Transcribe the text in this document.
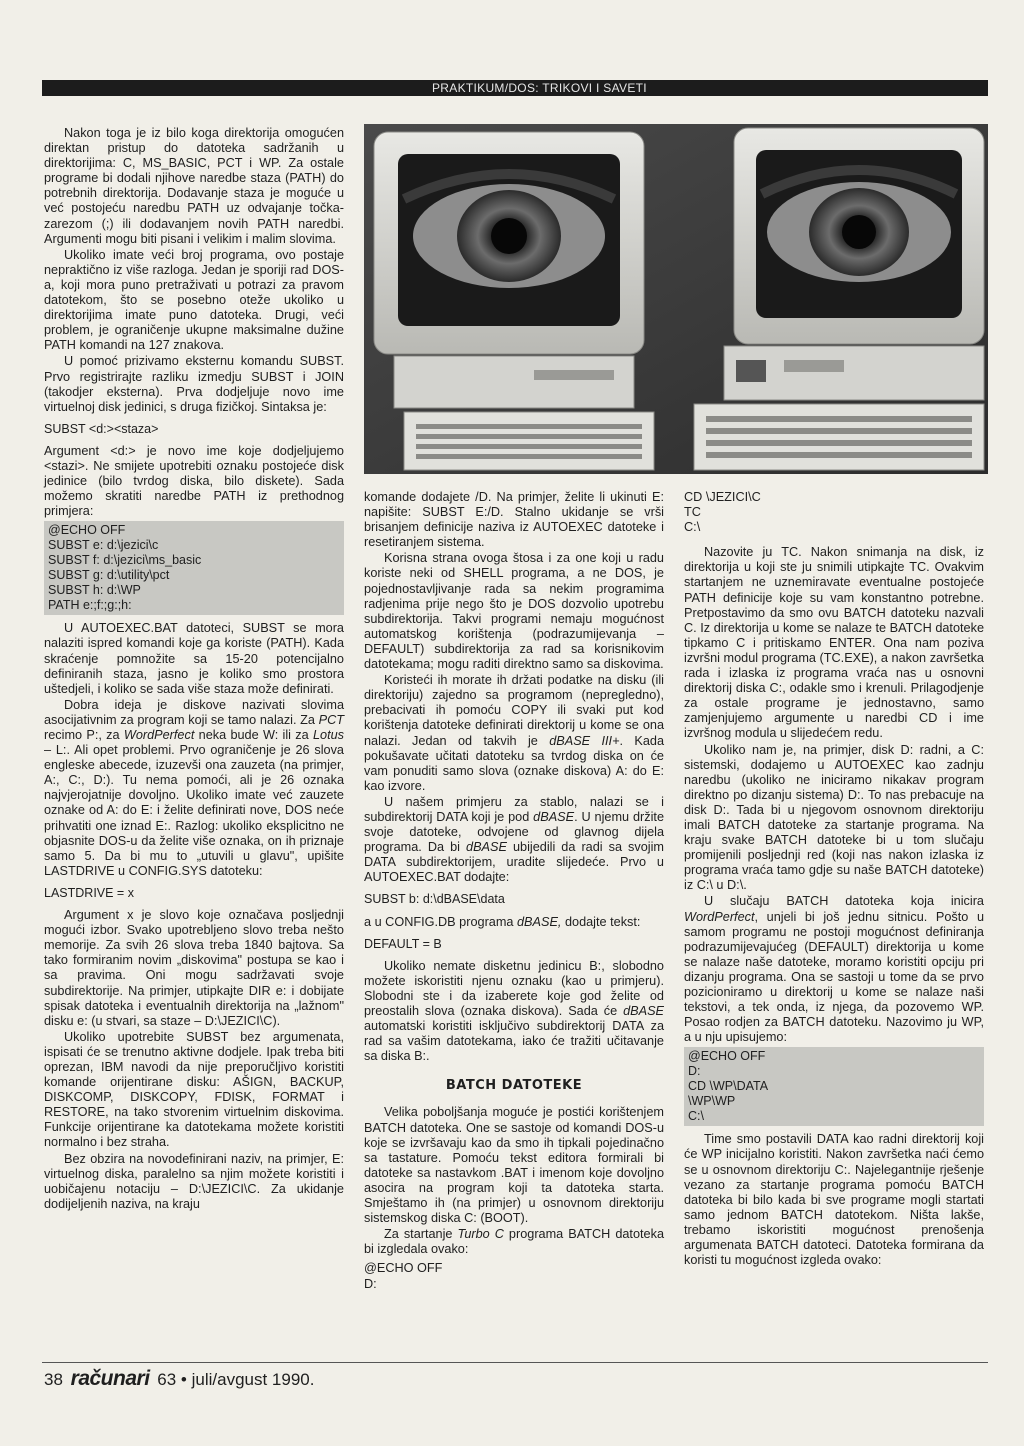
PRAKTIKUM/DOS: TRIKOVI I SAVETI

Nakon toga je iz bilo koga direktorija omogućen direktan pristup do datoteka sadržanih u direktorijima: C, MS_BASIC, PCT i WP. Za ostale programe bi dodali njihove naredbe staza (PATH) do potrebnih direktorija. Dodavanje staza je moguće u već postojeću naredbu PATH uz odvajanje točka-zarezom (;) ili dodavanjem novih PATH naredbi. Argumenti mogu biti pisani i velikim i malim slovima.

Ukoliko imate veći broj programa, ovo postaje nepraktično iz više razloga. Jedan je sporiji rad DOS-a, koji mora puno pretraživati u potrazi za pravom datotekom, što se posebno oteže ukoliko u direktorijima imate puno datoteka. Drugi, veći problem, je ograničenje ukupne maksimalne dužine PATH komandi na 127 znakova.

U pomoć prizivamo eksternu komandu SUBST. Prvo registrirajte razliku izmedju SUBST i JOIN (takodjer eksterna). Prva dodjeljuje novo ime virtuelnoj disk jedinici, s druga fizičkoj. Sintaksa je:

SUBST <d:><staza>

Argument <d:> je novo ime koje dodjeljujemo <stazi>. Ne smijete upotrebiti oznaku postojeće disk jedinice (bilo tvrdog diska, bilo diskete). Sada možemo skratiti naredbe PATH iz prethodnog primjera:

@ECHO OFF
SUBST e: d:\jezici\c
SUBST f: d:\jezici\ms_basic
SUBST g: d:\utility\pct
SUBST h: d:\WP
PATH e:;f:;g:;h:

U AUTOEXEC.BAT datoteci, SUBST se mora nalaziti ispred komandi koje ga koriste (PATH). Kada skraćenje pomnožite sa 15-20 potencijalno definiranih staza, jasno je koliko smo prostora uštedjeli, i koliko se sada više staza može definirati.

Dobra ideja je diskove nazivati slovima asocijativnim za program koji se tamo nalazi. Za PCT recimo P:, za WordPerfect neka bude W: ili za Lotus – L:. Ali opet problemi. Prvo ograničenje je 26 slova engleske abecede, izuzevši ona zauzeta (na primjer, A:, C:, D:). Tu nema pomoći, ali je 26 oznaka najvjerojatnije dovoljno. Ukoliko imate već zauzete oznake od A: do E: i želite definirati nove, DOS neće prihvatiti one iznad E:. Razlog: ukoliko eksplicitno ne objasnite DOS-u da želite više oznaka, on ih priznaje samo 5. Da bi mu to „utuvili u glavu", upišite LASTDRIVE u CONFIG.SYS datoteku:

LASTDRIVE = x

Argument x je slovo koje označava posljednji mogući izbor. Svako upotrebljeno slovo treba nešto memorije. Za svih 26 slova treba 1840 bajtova. Sa tako formiranim novim „diskovima" postupa se kao i sa pravima. Oni mogu sadržavati svoje subdirektorije. Na primjer, utipkajte DIR e: i dobijate spisak datoteka i eventualnih direktorija na „lažnom" disku e: (u stvari, sa staze – D:\JEZICI\C).

Ukoliko upotrebite SUBST bez argumenata, ispisati će se trenutno aktivne dodjele. Ipak treba biti oprezan, IBM navodi da nije preporučljivo koristiti komande orijentirane disku: AŠIGN, BACKUP, DISKCOMP, DISKCOPY, FDISK, FORMAT i RESTORE, na tako stvorenim virtuelnim diskovima. Funkcije orijentirane ka datotekama možete koristiti normalno i bez straha.

Bez obzira na novodefinirani naziv, na primjer, E: virtuelnog diska, paralelno sa njim možete koristiti i uobičajenu notaciju – D:\JEZICI\C. Za ukidanje dodijeljenih naziva, na kraju

komande dodajete /D. Na primjer, želite li ukinuti E: napišite: SUBST E:/D. Stalno ukidanje se vrši brisanjem definicije naziva iz AUTOEXEC datoteke i resetiranjem sistema.

Korisna strana ovoga štosa i za one koji u radu koriste neki od SHELL programa, a ne DOS, je pojednostavljivanje rada sa nekim programima radjenima prije nego što je DOS dozvolio upotrebu subdirektorija. Takvi programi nemaju mogućnost automatskog korištenja (podrazumijevanja – DEFAULT) subdirektorija za rad sa korisnikovim datotekama; mogu raditi direktno samo sa diskovima.

Koristeći ih morate ih držati podatke na disku (ili direktoriju) zajedno sa programom (nepregledno), prebacivati ih pomoću COPY ili svaki put kod korištenja datoteke definirati direktorij u kome se ona nalazi. Jedan od takvih je dBASE III+. Kada pokušavate učitati datoteku sa tvrdog diska on će vam ponuditi samo slova (oznake diskova) A: do E: kao izvore.

U našem primjeru za stablo, nalazi se i subdirektorij DATA koji je pod dBASE. U njemu držite svoje datoteke, odvojene od glavnog dijela programa. Da bi dBASE ubijedili da radi sa svojim DATA subdirektorijem, uradite slijedeće. Prvo u AUTOEXEC.BAT dodajte:

SUBST b: d:\dBASE\data

a u CONFIG.DB programa dBASE, dodajte tekst:

DEFAULT = B

Ukoliko nemate disketnu jedinicu B:, slobodno možete iskoristiti njenu oznaku (kao u primjeru). Slobodni ste i da izaberete koje god želite od preostalih slova (oznaka diskova). Sada će dBASE automatski koristiti isključivo subdirektorij DATA za rad sa vašim datotekama, iako će tražiti učitavanje sa diska B:.

BATCH DATOTEKE

Velika poboljšanja moguće je postići korištenjem BATCH datoteka. One se sastoje od komandi DOS-u koje se izvršavaju kao da smo ih tipkali pojedinačno sa tastature. Pomoću tekst editora formirali bi datoteke sa nastavkom .BAT i imenom koje dovoljno asocira na program koji ta datoteka starta. Smještamo ih (na primjer) u osnovnom direktoriju sistemskog diska C: (BOOT).

Za startanje Turbo C programa BATCH datoteka bi izgledala ovako:

@ECHO OFF
D:
CD \JEZICI\C
TC
C:\

Nazovite ju TC. Nakon snimanja na disk, iz direktorija u koji ste ju snimili utipkajte TC. Ovakvim startanjem ne uznemiravate eventualne postojeće PATH definicije koje su vam konstantno potrebne. Pretpostavimo da smo ovu BATCH datoteku nazvali C. Iz direktorija u kome se nalaze te BATCH datoteke tipkamo C i pritiskamo ENTER. Ona nam poziva izvršni modul programa (TC.EXE), a nakon završetka rada i izlaska iz programa vraća nas u osnovni direktorij diska C:, odakle smo i krenuli. Prilagodjenje za ostale programe je jednostavno, samo zamjenjujemo argumente u naredbi CD i ime izvršnog modula u slijedećem redu.

Ukoliko nam je, na primjer, disk D: radni, a C: sistemski, dodajemo u AUTOEXEC kao zadnju naredbu (ukoliko ne iniciramo nikakav program direktno po dizanju sistema) D:. To nas prebacuje na disk D:. Tada bi u njegovom osnovnom direktoriju imali BATCH datoteke za startanje programa. Na kraju svake BATCH datoteke bi u tom slučaju promijenili posljednji red (koji nas nakon izlaska iz programa vraća tamo gdje su naše BATCH datoteke) iz C:\ u D:\.

U slučaju BATCH datoteka koja inicira WordPerfect, unjeli bi još jednu sitnicu. Pošto u samom programu ne postoji mogućnost definiranja podrazumijevajućeg (DEFAULT) direktorija u kome se nalaze naše datoteke, moramo koristiti opciju pri dizanju programa. Ona se sastoji u tome da se prvo pozicioniramo u direktorij u kome se nalaze naši tekstovi, a tek onda, iz njega, da pozovemo WP. Posao rodjen za BATCH datoteku. Nazovimo ju WP, a u nju upisujemo:

@ECHO OFF
D:
CD \WP\DATA
\WP\WP
C:\

Time smo postavili DATA kao radni direktorij koji će WP inicijalno koristiti. Nakon završetka naći ćemo se u osnovnom direktoriju C:. Najelegantnije rješenje vezano za startanje programa pomoću BATCH datoteka bi bilo kada bi sve programe mogli startati samo jednom BATCH datotekom. Ništa lakše, trebamo iskoristiti mogućnost prenošenja argumenata BATCH datoteci. Datoteka formirana da koristi tu mogućnost izgleda ovako:

38 računari 63 • juli/avgust 1990.
